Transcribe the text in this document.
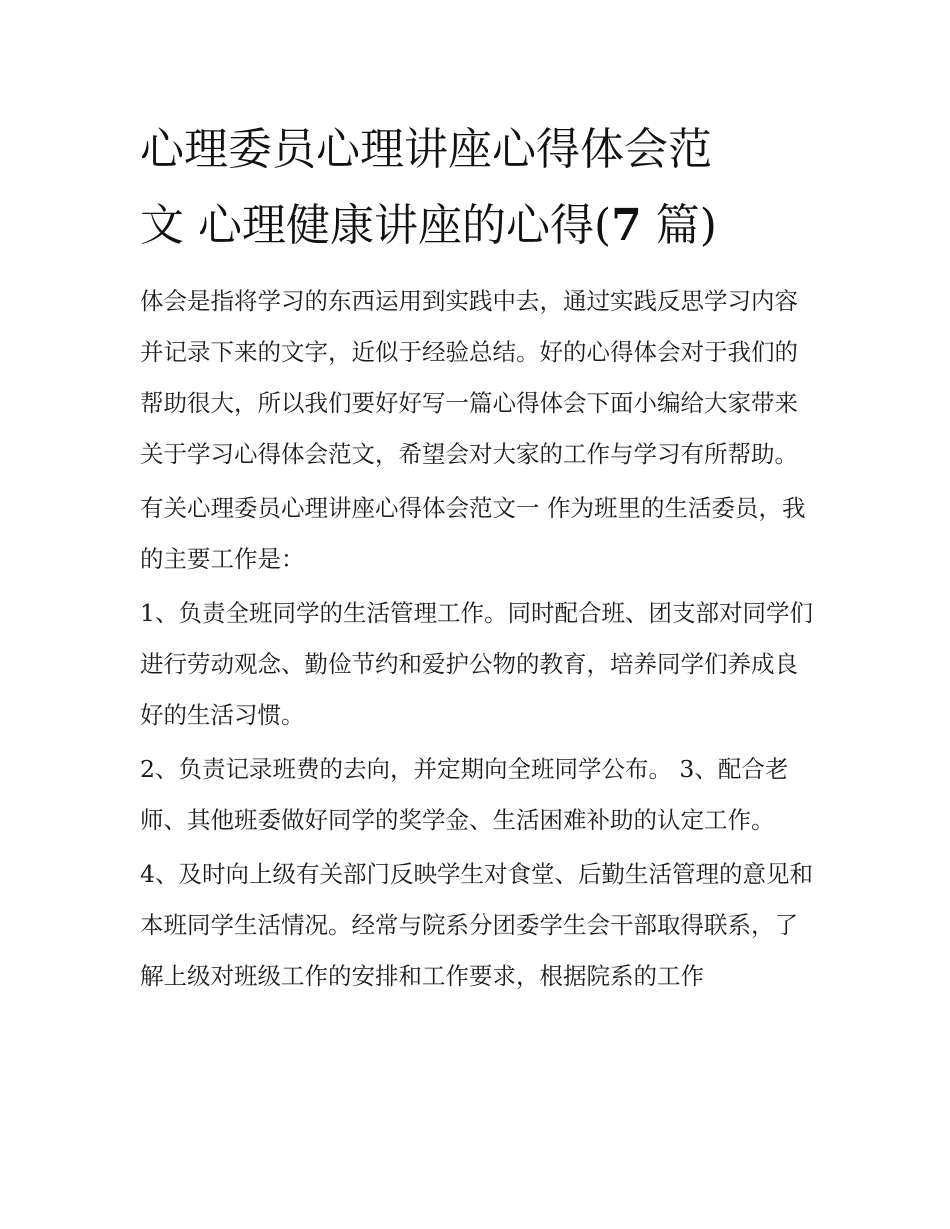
心理委员心理讲座心得体会范
文 心理健康讲座的心得(7 篇)

体会是指将学习的东西运用到实践中去，通过实践反思学习内容并记录下来的文字，近似于经验总结。好的心得体会对于我们的帮助很大，所以我们要好好写一篇心得体会下面小编给大家带来关于学习心得体会范文，希望会对大家的工作与学习有所帮助。

有关心理委员心理讲座心得体会范文一 作为班里的生活委员，我的主要工作是：

1、负责全班同学的生活管理工作。同时配合班、团支部对同学们进行劳动观念、勤俭节约和爱护公物的教育，培养同学们养成良好的生活习惯。

2、负责记录班费的去向，并定期向全班同学公布。 3、配合老师、其他班委做好同学的奖学金、生活困难补助的认定工作。

4、及时向上级有关部门反映学生对食堂、后勤生活管理的意见和本班同学生活情况。经常与院系分团委学生会干部取得联系，了解上级对班级工作的安排和工作要求，根据院系的工作
